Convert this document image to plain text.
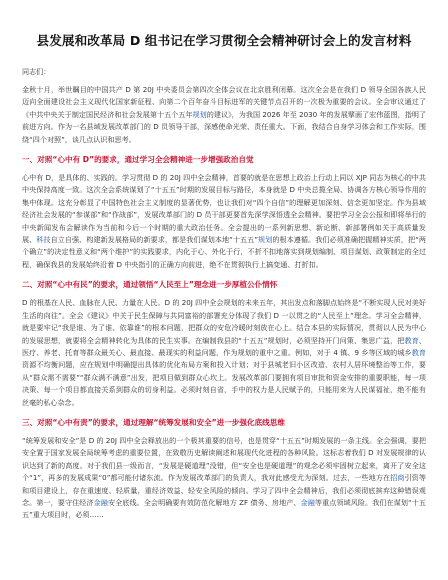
县发展和改革局 D 组书记在学习贯彻全会精神研讨会上的发言材料
同志们：

金秋十月，举世瞩目的中国共产 D 第 20J 中央委员会第四次全体会议在北京胜利闭幕。这次全会是在我们 D 领导全国各族人民迈向全面建设社会主义现代化国家新征程、向第二个百年奋斗目标进军的关键节点召开的一次极为重要的会议。全会审议通过了《中共中央关于制定国民经济和社会发展第十五个五年规划的建议》，为我国 2026 年至 2030 年的发展擘画了宏伟蓝图，指明了前进方向。作为一名县域发展改革部门的 D 员领导干部，深感使命光荣、责任重大。下面，我结合自身学习体会和工作实际，围绕“四个对照”，谈几点认识和思考。

一、对照“心中有 D”的要求，通过学习全会精神进一步增强政治自觉

心中有 D，是具体的、实践的。学习贯彻 D 的 20J 四中全会精神，首要的就是在思想上政治上行动上同以 XJP 同志为核心的中共中央保持高度一致。这次全会系统谋划了“十五五”时期的发展目标与路径，本身就是 D 中央总揽全局、协调各方核心领导作用的集中体现。这充分彰显了中国特色社会主义制度的显著优势，也让我们对“四个自信”的理解更加深刻、信念更加坚定。作为县域经济社会发展的“参谋部”和“作战部”，发展改革部门的 D 员干部更要首先深学深悟透全会精神。要把学习全会公报和即将举行的中央新闻发布会解读作为当前和今后一个时期的重大政治任务。全会提出的一系列新思想、新论断、新部署例如关于高质量发展、科技自立自强、构建新发展格局的新要求，都是我们谋划本地“十五五”规划的根本遵循。我们必须准确把握精神实质，把“两个确立”的决定性意义和“两个维护”的实践要求，内化于心、外化于行，不折不扣地落实到规划编制、项目谋划、政策制定的全过程，确保我县的发展始终沿着 D 中央指引的正确方向前进，绝不在贯彻执行上搞变通、打折扣。

二、对照“心中有民”的要求，通过领悟“人民至上”理念进一步厚植公仆情怀

D 的根基在人民、血脉在人民、力量在人民。D 的 20J 四中全会规划的未来五年，其出发点和落脚点始终是“不断实现人民对美好生活的向往”。全会《建议》中关于民生保障与共同富裕的部署充分体现了我们 D 一以贯之的“人民至上”理念。学习全会精神，就是要牢记“我是谁、为了谁、依靠谁”的根本问题，把群众的安危冷暖时刻放在心上。结合本县的实际情况，贯彻以人民为中心的发展思想，就要将全会精神转化为具体的民生实事。在编制我县的“十五五”规划时，必须坚持开门问策、集思广益，把教育、医疗、养老、托育等群众最关心、最直接、最现实的利益问题，作为规划的重中之重。例如，对于 4 镇、9 乡等区域的城乡教育资源不均衡问题，应在规划中明确提出具体的优化布局方案和投入计划；对于县城老旧小区改造、农村人居环境整治等工作，要从“群众需不需要”“群众满不满意”出发，把项目做到群众心坎上。发展改革部门要拥有项目审批和资金安排的重要职能，每一项决策、每一个项目都直接关系到群众的切身利益。必须时刻自省，手中的权力是人民赋予的，只能用来为人民谋福祉，绝不能有丝毫的私心杂念。

三、对照“心中有责”的要求，通过理解“统筹发展和安全”进一步强化底线思维

“统筹发展和安全”是 D 的 20J 四中全会释放出的一个极其重要的信号，也是贯穿“十五五”时期发展的一条主线。全会强调，要把安全置于国家发展全局统筹考虑的重要位置，在致敬历史解读阐述和展现代化进程的各种风险。这标志着我们 D 对发展规律的认识达到了新的高度。对于我们县一级而言，“发展是硬道理”没错，但“安全也是硬道理”的观念必须牢固树立起来，离开了安全这个“1”，再多的发展成果“0”都可能付诸东流。作为发展改革部门的负责人，我对此感受尤为深刻。过去，一些地方在招商引资等和项目建设上，存在重速度、轻质量，重经济效益、轻安全风险的倾向。学习了四中全会精神后，我们必须彻底摈弃这种错误观念。第一，要守住经济金融安全底线。全会明确要有效防范化解地方 ZF 债务、房地产、金融等重点领域风险。我们在谋划“十五五”重大项目时，必须……
